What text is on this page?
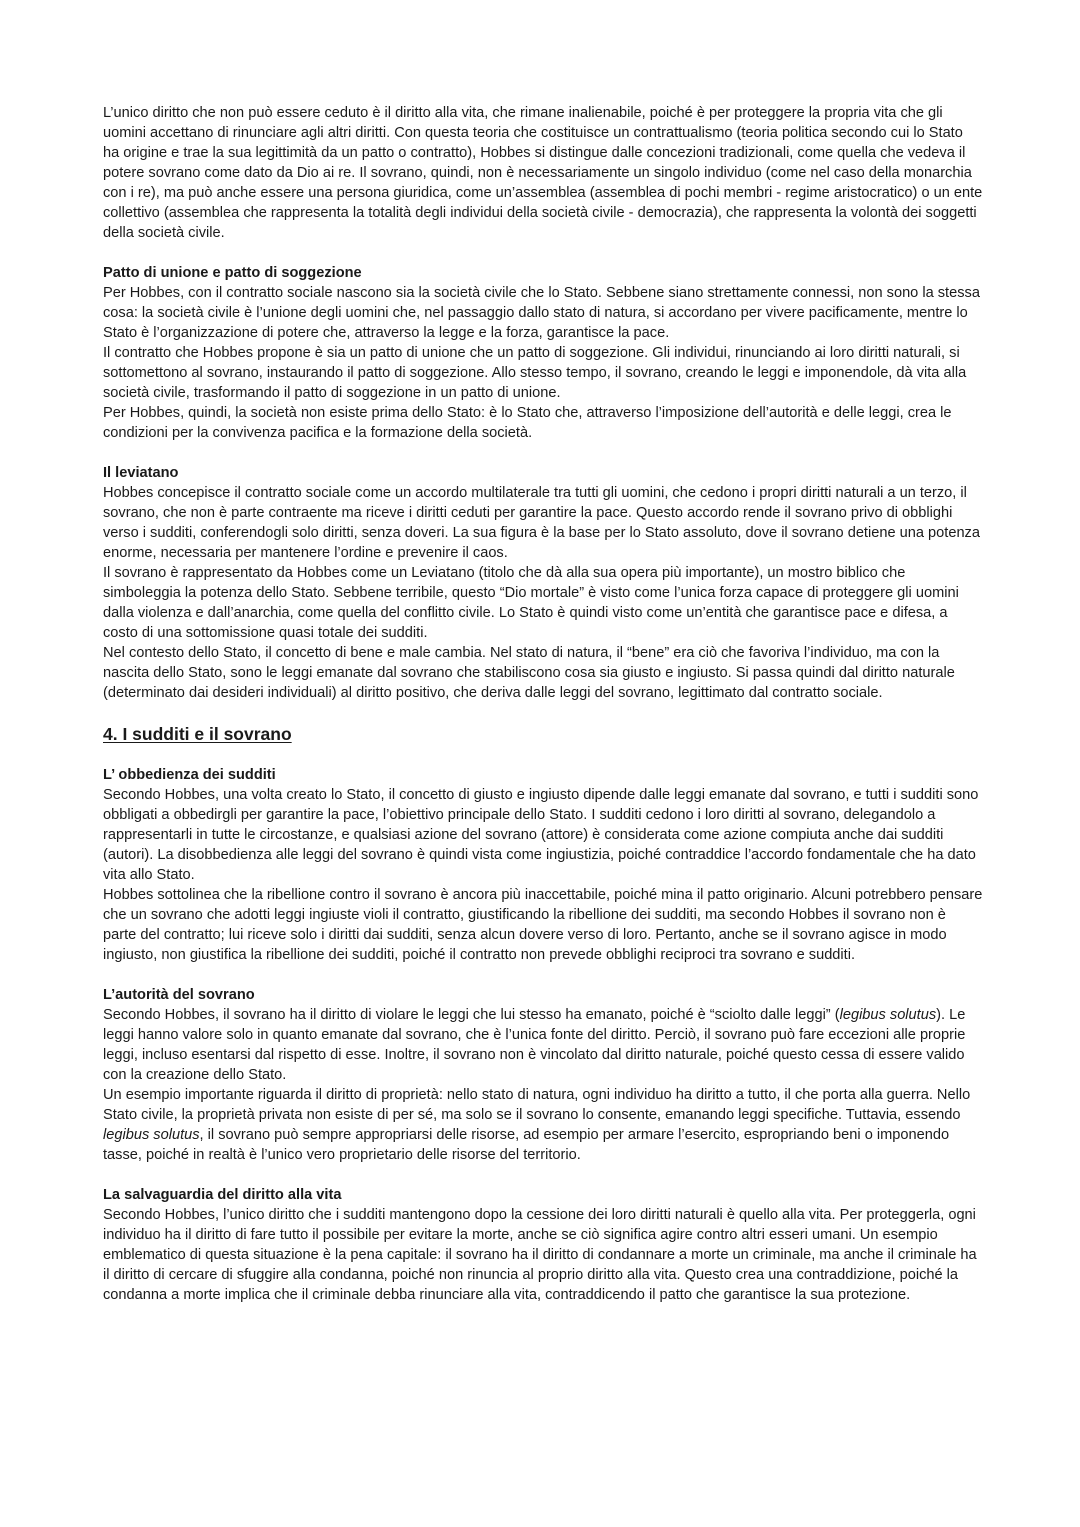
L’unico diritto che non può essere ceduto è il diritto alla vita, che rimane inalienabile, poiché è per proteggere la propria vita che gli uomini accettano di rinunciare agli altri diritti. Con questa teoria che costituisce un contrattualismo (teoria politica secondo cui lo Stato ha origine e trae la sua legittimità da un patto o contratto), Hobbes si distingue dalle concezioni tradizionali, come quella che vedeva il potere sovrano come dato da Dio ai re. Il sovrano, quindi, non è necessariamente un singolo individuo (come nel caso della monarchia con i re), ma può anche essere una persona giuridica, come un’assemblea (assemblea di pochi membri - regime aristocratico) o un ente collettivo (assemblea che rappresenta la totalità degli individui della società civile - democrazia), che rappresenta la volontà dei soggetti della società civile.

Patto di unione e patto di soggezione

Per Hobbes, con il contratto sociale nascono sia la società civile che lo Stato. Sebbene siano strettamente connessi, non sono la stessa cosa: la società civile è l’unione degli uomini che, nel passaggio dallo stato di natura, si accordano per vivere pacificamente, mentre lo Stato è l’organizzazione di potere che, attraverso la legge e la forza, garantisce la pace.

Il contratto che Hobbes propone è sia un patto di unione che un patto di soggezione. Gli individui, rinunciando ai loro diritti naturali, si sottomettono al sovrano, instaurando il patto di soggezione. Allo stesso tempo, il sovrano, creando le leggi e imponendole, dà vita alla società civile, trasformando il patto di soggezione in un patto di unione.

Per Hobbes, quindi, la società non esiste prima dello Stato: è lo Stato che, attraverso l’imposizione dell’autorità e delle leggi, crea le condizioni per la convivenza pacifica e la formazione della società.

Il leviatano

Hobbes concepisce il contratto sociale come un accordo multilaterale tra tutti gli uomini, che cedono i propri diritti naturali a un terzo, il sovrano, che non è parte contraente ma riceve i diritti ceduti per garantire la pace. Questo accordo rende il sovrano privo di obblighi verso i sudditi, conferendogli solo diritti, senza doveri. La sua figura è la base per lo Stato assoluto, dove il sovrano detiene una potenza enorme, necessaria per mantenere l’ordine e prevenire il caos.

Il sovrano è rappresentato da Hobbes come un Leviatano (titolo che dà alla sua opera più importante), un mostro biblico che simboleggia la potenza dello Stato. Sebbene terribile, questo “Dio mortale” è visto come l’unica forza capace di proteggere gli uomini dalla violenza e dall’anarchia, come quella del conflitto civile. Lo Stato è quindi visto come un’entità che garantisce pace e difesa, a costo di una sottomissione quasi totale dei sudditi.

Nel contesto dello Stato, il concetto di bene e male cambia. Nel stato di natura, il “bene” era ciò che favoriva l’individuo, ma con la nascita dello Stato, sono le leggi emanate dal sovrano che stabiliscono cosa sia giusto e ingiusto. Si passa quindi dal diritto naturale (determinato dai desideri individuali) al diritto positivo, che deriva dalle leggi del sovrano, legittimato dal contratto sociale.

4. I sudditi e il sovrano

L’ obbedienza dei sudditi

Secondo Hobbes, una volta creato lo Stato, il concetto di giusto e ingiusto dipende dalle leggi emanate dal sovrano, e tutti i sudditi sono obbligati a obbedirgli per garantire la pace, l’obiettivo principale dello Stato. I sudditi cedono i loro diritti al sovrano, delegandolo a rappresentarli in tutte le circostanze, e qualsiasi azione del sovrano (attore) è considerata come azione compiuta anche dai sudditi (autori). La disobbedienza alle leggi del sovrano è quindi vista come ingiustizia, poiché contraddice l’accordo fondamentale che ha dato vita allo Stato.

Hobbes sottolinea che la ribellione contro il sovrano è ancora più inaccettabile, poiché mina il patto originario. Alcuni potrebbero pensare che un sovrano che adotti leggi ingiuste violi il contratto, giustificando la ribellione dei sudditi, ma secondo Hobbes il sovrano non è parte del contratto; lui riceve solo i diritti dai sudditi, senza alcun dovere verso di loro. Pertanto, anche se il sovrano agisce in modo ingiusto, non giustifica la ribellione dei sudditi, poiché il contratto non prevede obblighi reciproci tra sovrano e sudditi.

L’autorità del sovrano

Secondo Hobbes, il sovrano ha il diritto di violare le leggi che lui stesso ha emanato, poiché è “sciolto dalle leggi” (legibus solutus). Le leggi hanno valore solo in quanto emanate dal sovrano, che è l’unica fonte del diritto. Perciò, il sovrano può fare eccezioni alle proprie leggi, incluso esentarsi dal rispetto di esse. Inoltre, il sovrano non è vincolato dal diritto naturale, poiché questo cessa di essere valido con la creazione dello Stato.

Un esempio importante riguarda il diritto di proprietà: nello stato di natura, ogni individuo ha diritto a tutto, il che porta alla guerra. Nello Stato civile, la proprietà privata non esiste di per sé, ma solo se il sovrano lo consente, emanando leggi specifiche. Tuttavia, essendo legibus solutus, il sovrano può sempre appropriarsi delle risorse, ad esempio per armare l’esercito, espropriando beni o imponendo tasse, poiché in realtà è l’unico vero proprietario delle risorse del territorio.

La salvaguardia del diritto alla vita

Secondo Hobbes, l’unico diritto che i sudditi mantengono dopo la cessione dei loro diritti naturali è quello alla vita. Per proteggerla, ogni individuo ha il diritto di fare tutto il possibile per evitare la morte, anche se ciò significa agire contro altri esseri umani. Un esempio emblematico di questa situazione è la pena capitale: il sovrano ha il diritto di condannare a morte un criminale, ma anche il criminale ha il diritto di cercare di sfuggire alla condanna, poiché non rinuncia al proprio diritto alla vita. Questo crea una contraddizione, poiché la condanna a morte implica che il criminale debba rinunciare alla vita, contraddicendo il patto che garantisce la sua protezione.
